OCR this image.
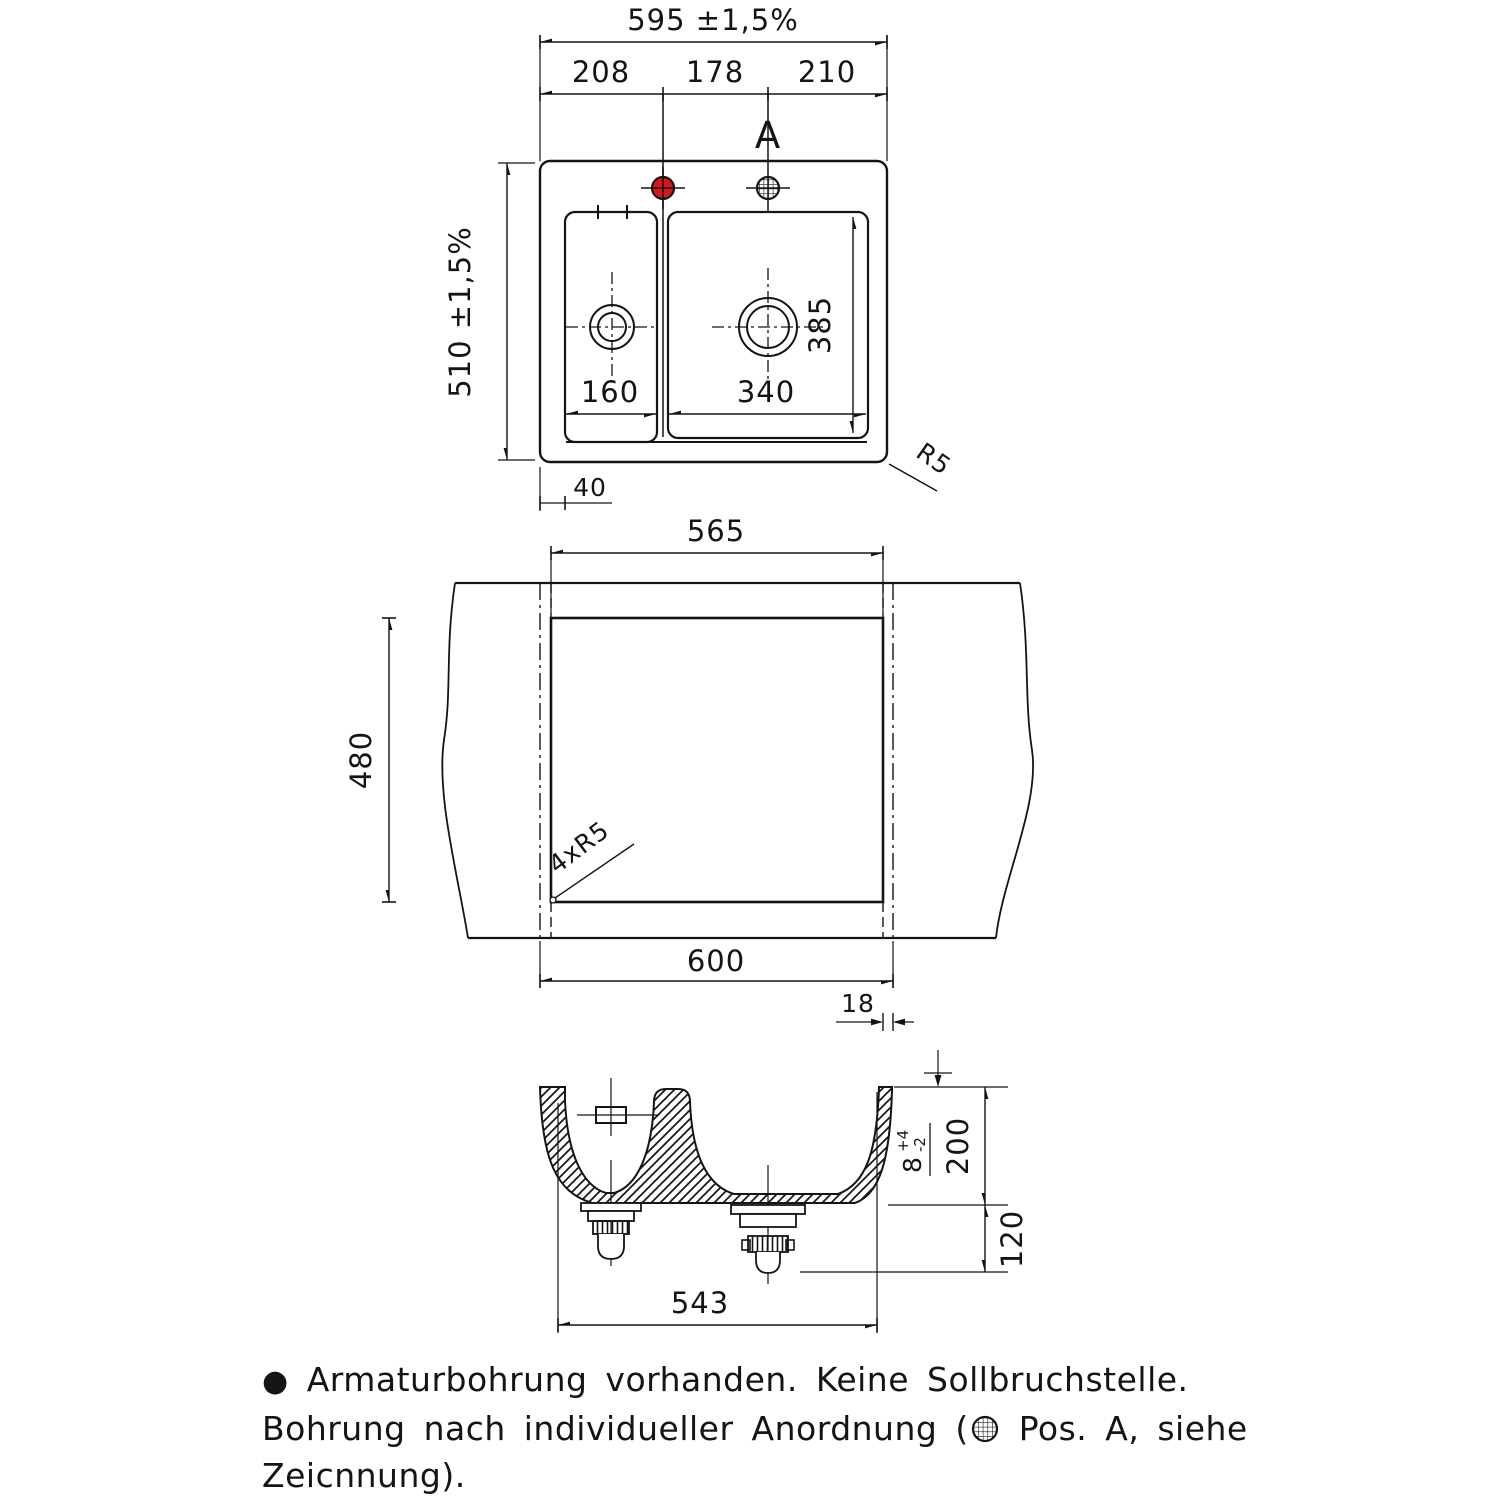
595 ±1,5%
208 178 210
A
510 ±1,5%	385
160	340
40
R5
4xR5
565
480
600
18
8
+4 -2 200
120
543
● Armaturbohrung vorhanden. Keine Sollbruchstelle.
Bohrung nach individueller Anordnung ( Pos. A, siehe
Zeicnnung).
